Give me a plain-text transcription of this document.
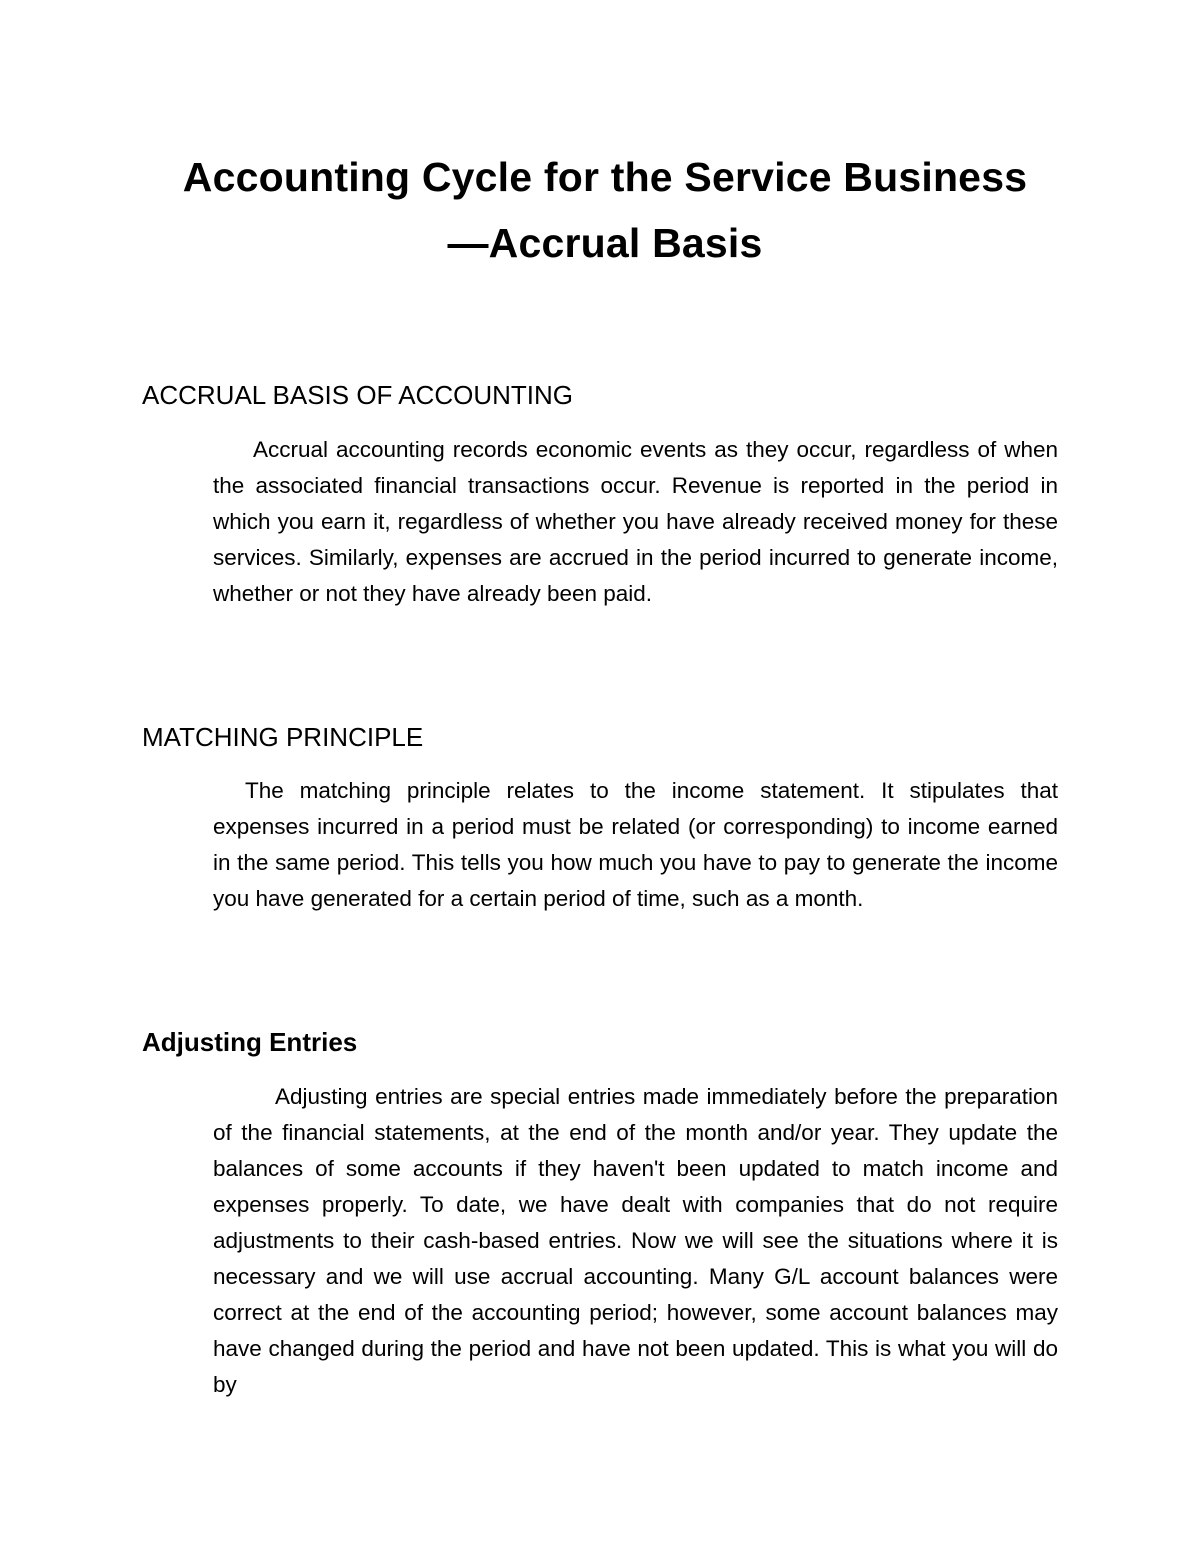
Accounting Cycle for the Service Business
—Accrual Basis
ACCRUAL BASIS OF ACCOUNTING

Accrual accounting records economic events as they occur, regardless of when the associated financial transactions occur. Revenue is reported in the period in which you earn it, regardless of whether you have already received money for these services. Similarly, expenses are accrued in the period incurred to generate income, whether or not they have already been paid.

MATCHING PRINCIPLE

The matching principle relates to the income statement. It stipulates that expenses incurred in a period must be related (or corresponding) to income earned in the same period. This tells you how much you have to pay to generate the income you have generated for a certain period of time, such as a month.

Adjusting Entries

Adjusting entries are special entries made immediately before the preparation of the financial statements, at the end of the month and/or year. They update the balances of some accounts if they haven't been updated to match income and expenses properly. To date, we have dealt with companies that do not require adjustments to their cash-based entries. Now we will see the situations where it is necessary and we will use accrual accounting. Many G/L account balances were correct at the end of the accounting period; however, some account balances may have changed during the period and have not been updated. This is what you will do by
